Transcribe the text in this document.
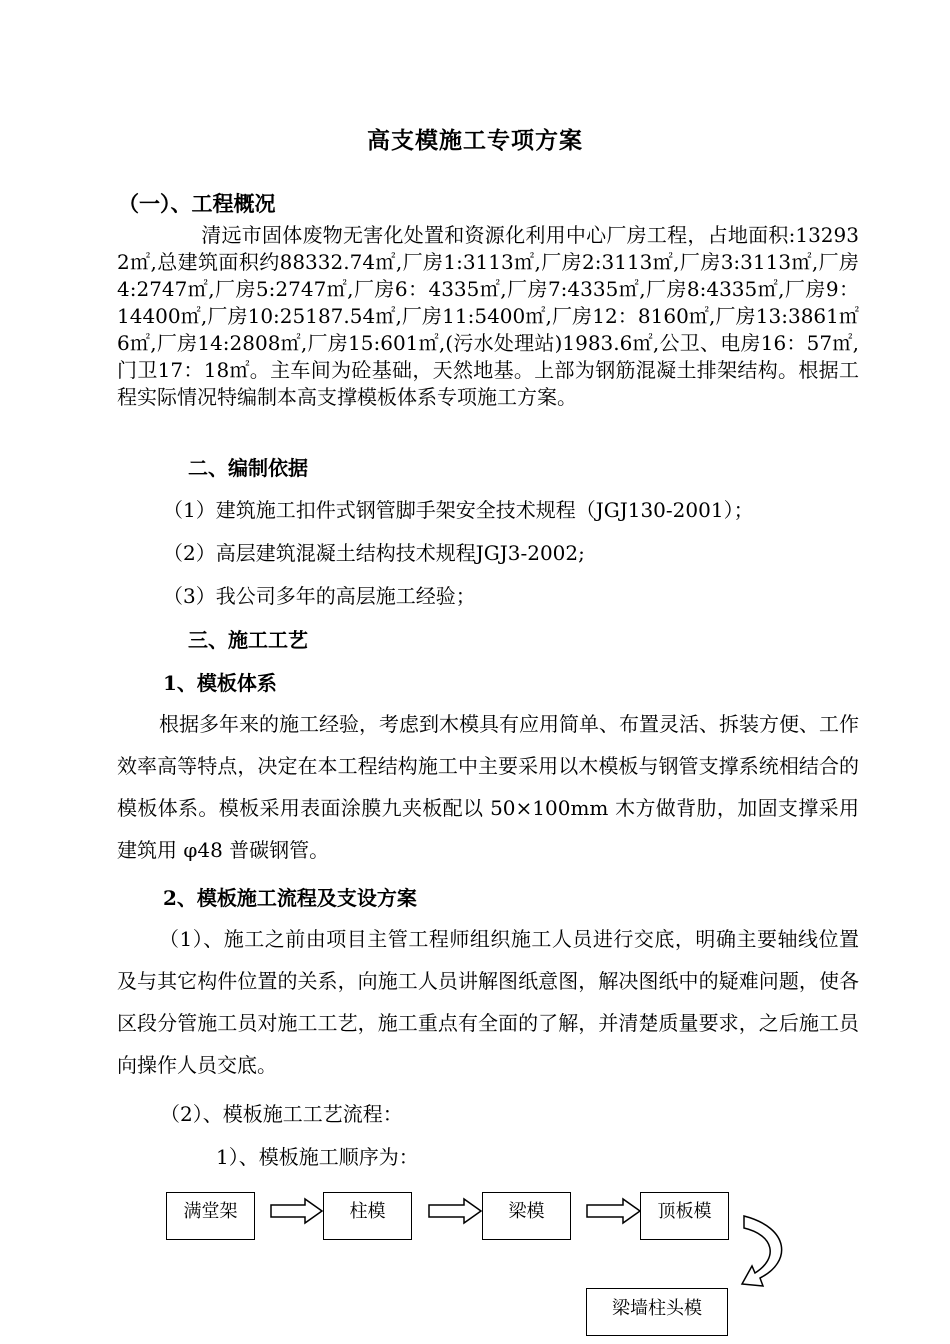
高支模施工专项方案
（一）、工程概况
清远市固体废物无害化处置和资源化利用中心厂房工程，占地面积:132932㎡,总建筑面积约88332.74㎡,厂房1:3113㎡,厂房2:3113㎡,厂房3:3113㎡,厂房4:2747㎡,厂房5:2747㎡,厂房6：4335㎡,厂房7:4335㎡,厂房8:4335㎡,厂房9：14400㎡,厂房10:25187.54㎡,厂房11:5400㎡,厂房12：8160㎡,厂房13:3861㎡6㎡,厂房14:2808㎡,厂房15:601㎡,(污水处理站)1983.6㎡,公卫、电房16：57㎡,门卫17：18㎡。主车间为砼基础，天然地基。上部为钢筋混凝土排架结构。根据工程实际情况特编制本高支撑模板体系专项施工方案。
二、编制依据
（1）建筑施工扣件式钢管脚手架安全技术规程（JGJ130-2001）；
（2）高层建筑混凝土结构技术规程JGJ3-2002;
（3）我公司多年的高层施工经验；
三、施工工艺
1、模板体系
根据多年来的施工经验，考虑到木模具有应用简单、布置灵活、拆装方便、工作效率高等特点，决定在本工程结构施工中主要采用以木模板与钢管支撑系统相结合的模板体系。模板采用表面涂膜九夹板配以 50×100mm 木方做背肋，加固支撑采用建筑用 φ48 普碳钢管。
2、模板施工流程及支设方案
（1）、施工之前由项目主管工程师组织施工人员进行交底，明确主要轴线位置及与其它构件位置的关系，向施工人员讲解图纸意图，解决图纸中的疑难问题，使各区段分管施工员对施工工艺，施工重点有全面的了解，并清楚质量要求，之后施工员向操作人员交底。
（2）、模板施工工艺流程：
1）、模板施工顺序为：
满堂架	柱模	梁模	顶板模
梁墙柱头模
